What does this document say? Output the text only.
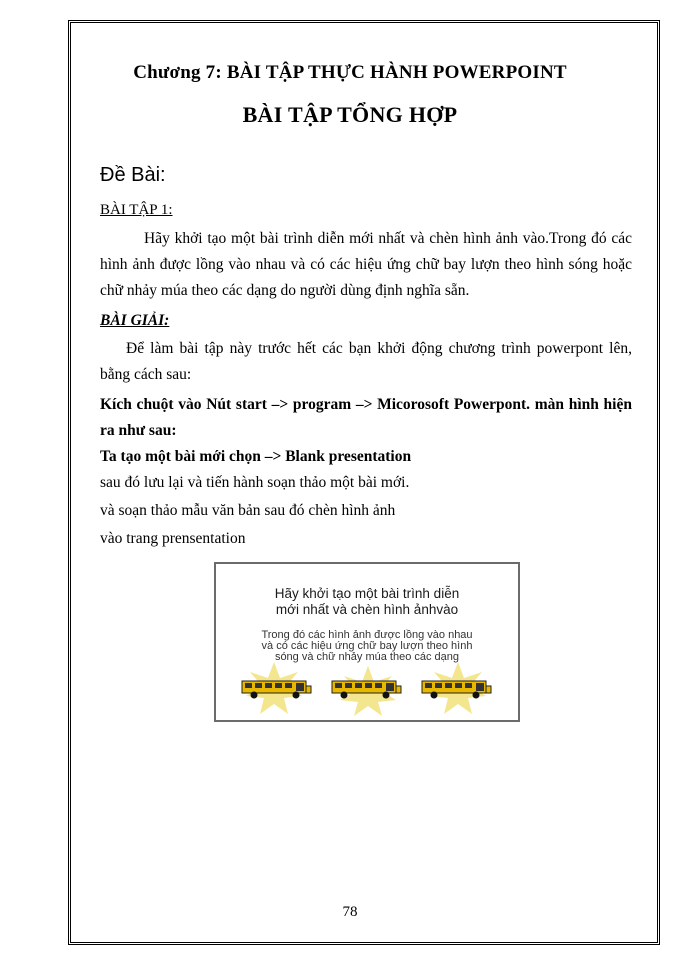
Chương 7: BÀI TẬP THỰC HÀNH POWERPOINT
BÀI TẬP TỔNG HỢP
Đề Bài:
BÀI TẬP 1:
Hãy khởi tạo một bài trình diễn mới nhất và chèn hình ảnh vào.Trong đó các hình ảnh được lồng vào nhau và có các hiệu ứng chữ bay lượn theo hình sóng hoặc chữ nhảy múa theo các dạng do người dùng định nghĩa sẵn.
BÀI GIẢI:
Để làm bài tập này trước hết các bạn khởi động chương trình powerpont lên, bằng cách sau:
Kích chuột vào Nút start –> program –> Micorosoft Powerpont. màn hình hiện ra như sau:
Ta tạo một bài mới chọn –> Blank presentation
sau đó lưu lại và tiến hành soạn thảo một bài mới.
và soạn thảo mẫu văn bản sau đó chèn hình ảnh
vào trang prensentation
Hãy khởi tạo một bài trình diễn
mới nhất và chèn hình ảnhvào
Trong đó các hình ảnh được lồng vào nhau
và có các hiệu ứng chữ bay lượn theo hình
sóng và chữ nhảy múa theo các dạng
78
